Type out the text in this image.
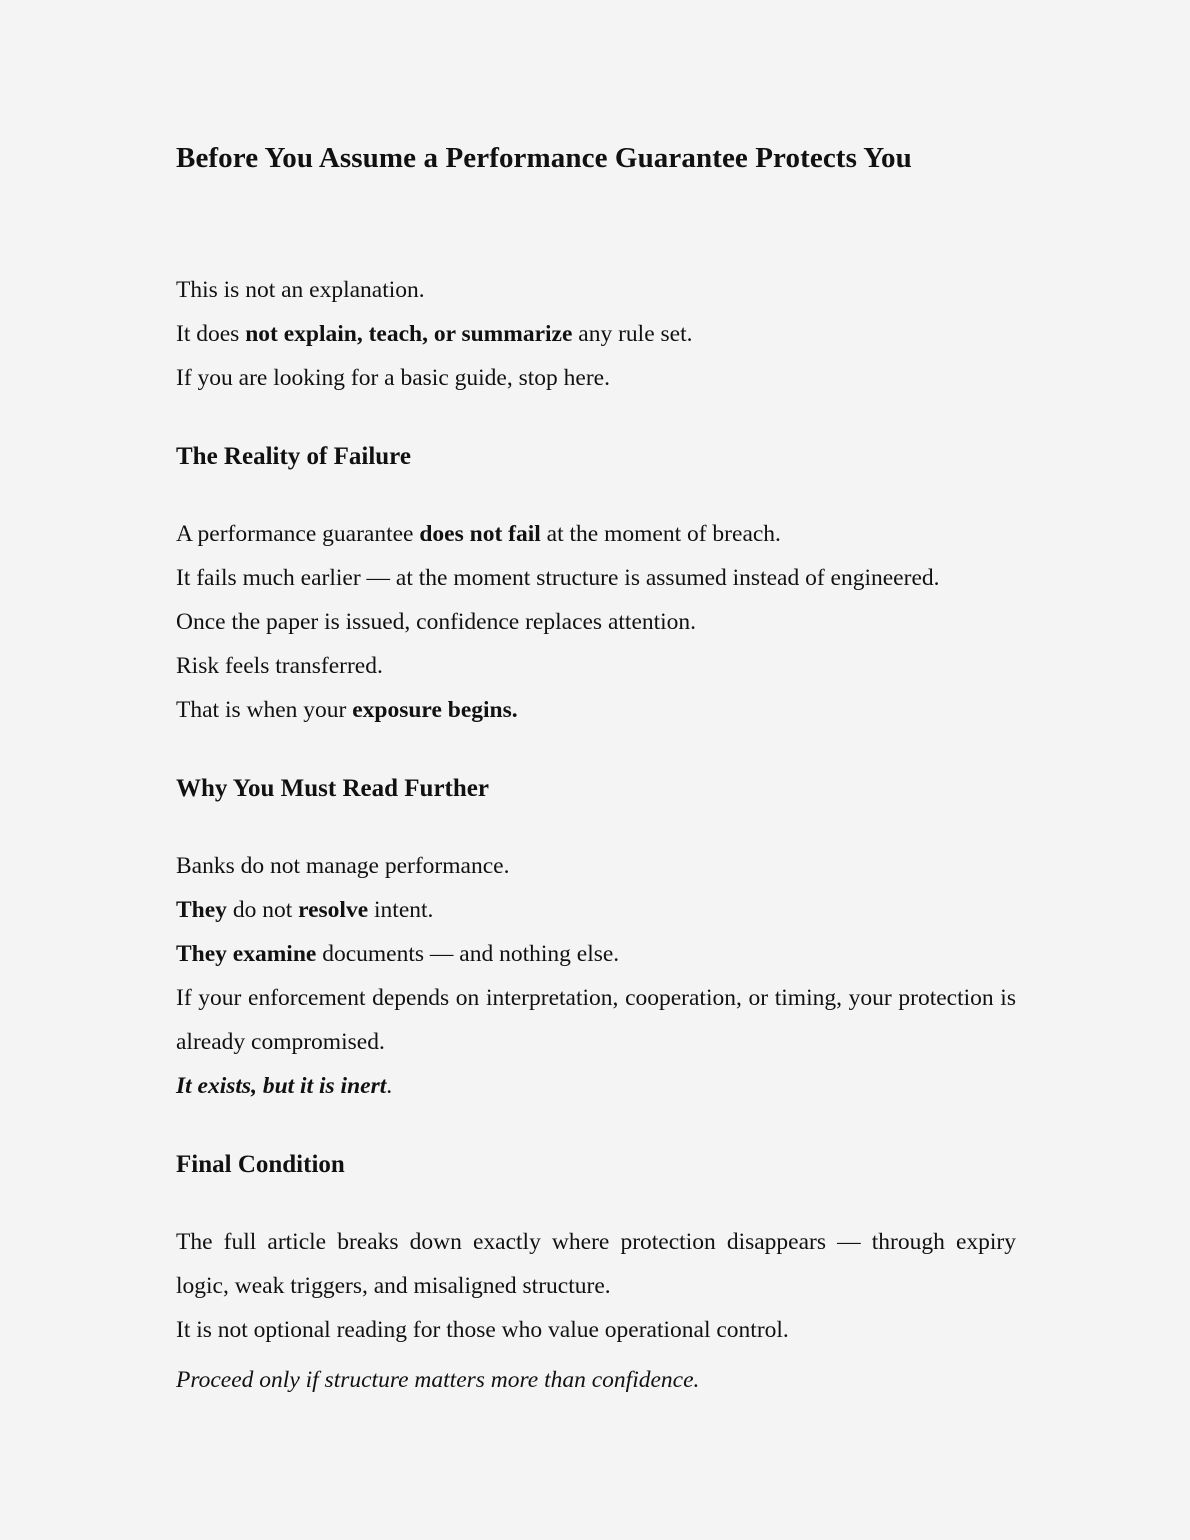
Before You Assume a Performance Guarantee Protects You

This is not an explanation.

It does not explain, teach, or summarize any rule set.

If you are looking for a basic guide, stop here.

The Reality of Failure

A performance guarantee does not fail at the moment of breach.

It fails much earlier — at the moment structure is assumed instead of engineered.

Once the paper is issued, confidence replaces attention.

Risk feels transferred.

That is when your exposure begins.

Why You Must Read Further

Banks do not manage performance.

They do not resolve intent.

They examine documents — and nothing else.

If your enforcement depends on interpretation, cooperation, or timing, your protection is already compromised.

It exists, but it is inert.

Final Condition

The full article breaks down exactly where protection disappears — through expiry logic, weak triggers, and misaligned structure.

It is not optional reading for those who value operational control.

Proceed only if structure matters more than confidence.
